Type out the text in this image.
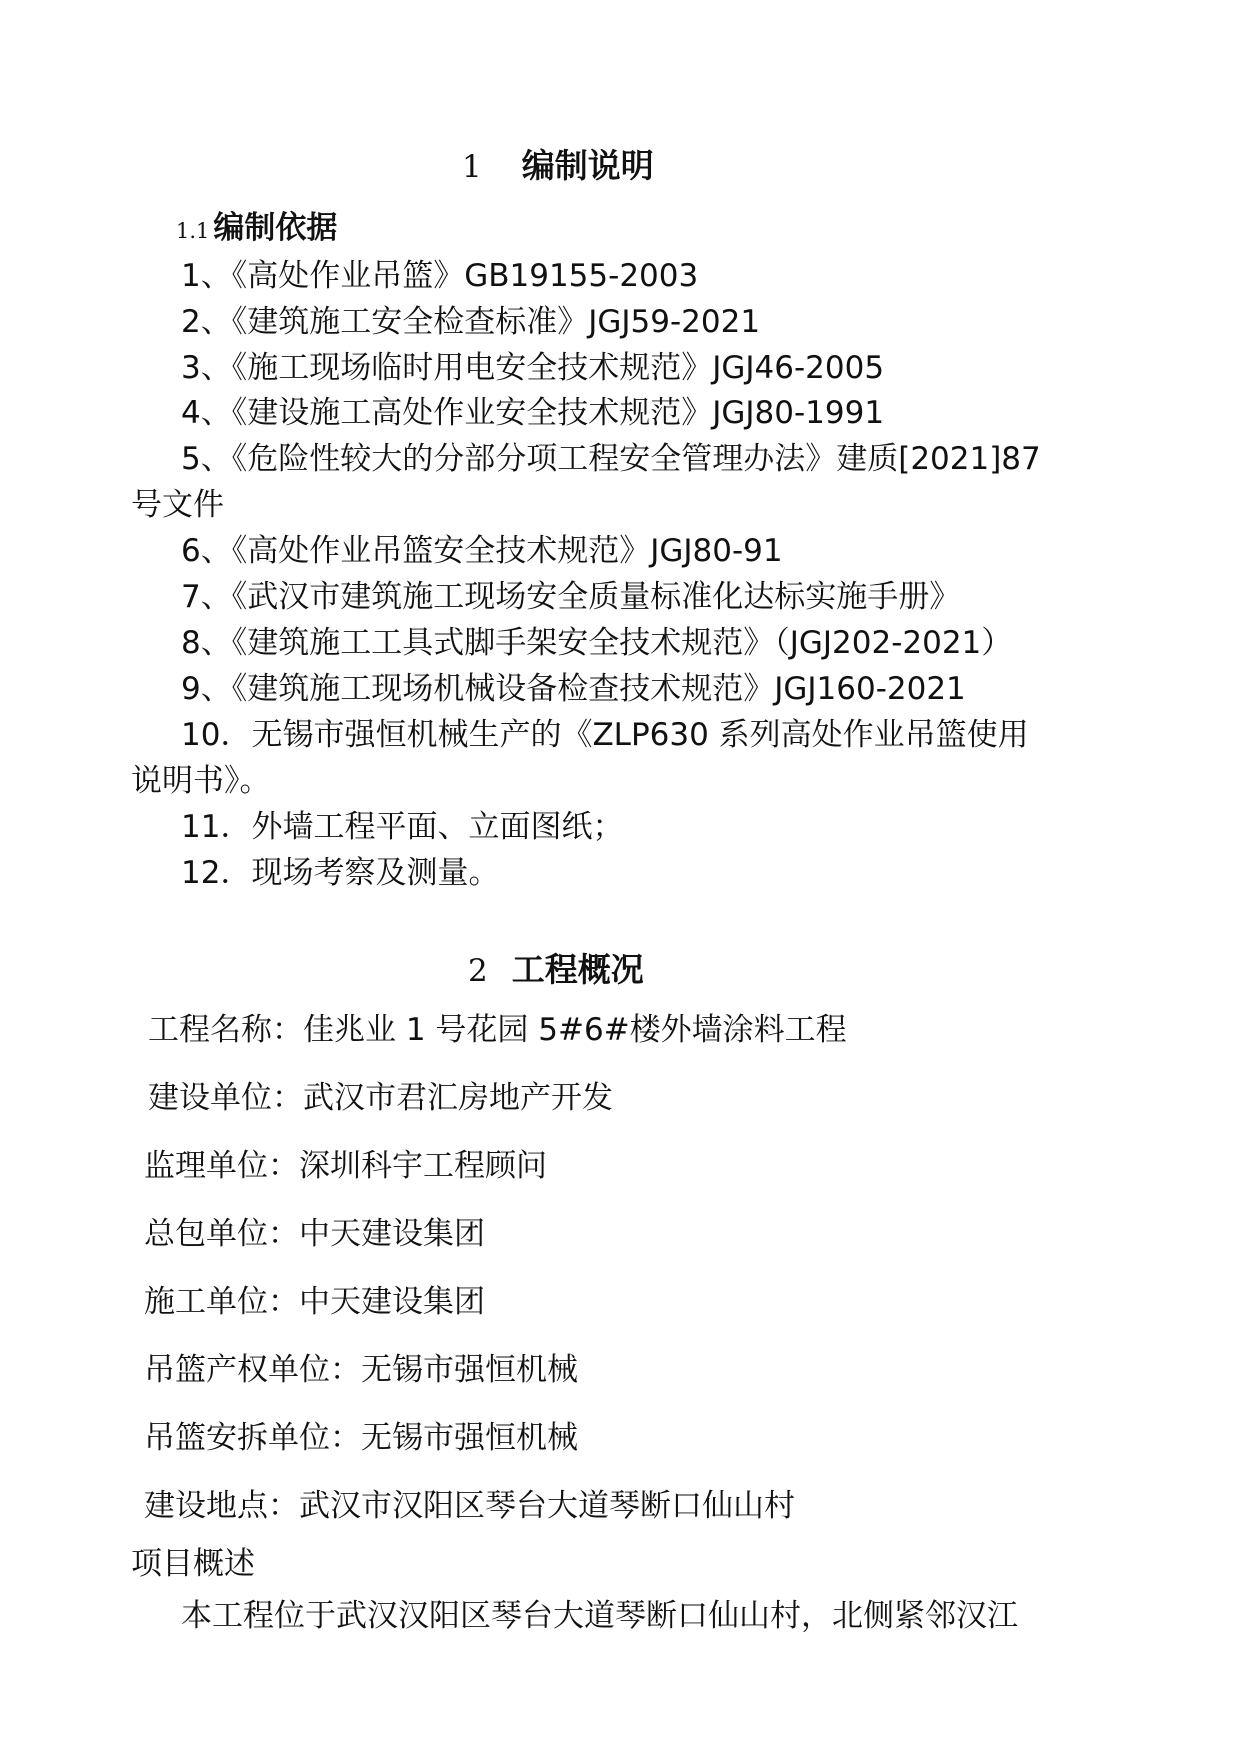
1 编制说明
1.1 编制依据
1、《高处作业吊篮》GB19155-2003
2、《建筑施工安全检查标准》JGJ59-2021
3、《施工现场临时用电安全技术规范》JGJ46-2005
4、《建设施工高处作业安全技术规范》JGJ80-1991
5、《危险性较大的分部分项工程安全管理办法》建质[2021]87
号文件
6、《高处作业吊篮安全技术规范》JGJ80-91
7、《武汉市建筑施工现场安全质量标准化达标实施手册》
8、《建筑施工工具式脚手架安全技术规范》（JGJ202-2021）
9、《建筑施工现场机械设备检查技术规范》JGJ160-2021
10．无锡市强恒机械生产的《ZLP630 系列高处作业吊篮使用
说明书》。
11．外墙工程平面、立面图纸；
12．现场考察及测量。
2 工程概况
工程名称：佳兆业 1 号花园 5#6#楼外墙涂料工程
建设单位：武汉市君汇房地产开发
监理单位：深圳科宇工程顾问
总包单位：中天建设集团
施工单位：中天建设集团
吊篮产权单位：无锡市强恒机械
吊篮安拆单位：无锡市强恒机械
建设地点：武汉市汉阳区琴台大道琴断口仙山村
项目概述
本工程位于武汉汉阳区琴台大道琴断口仙山村，北侧紧邻汉江
